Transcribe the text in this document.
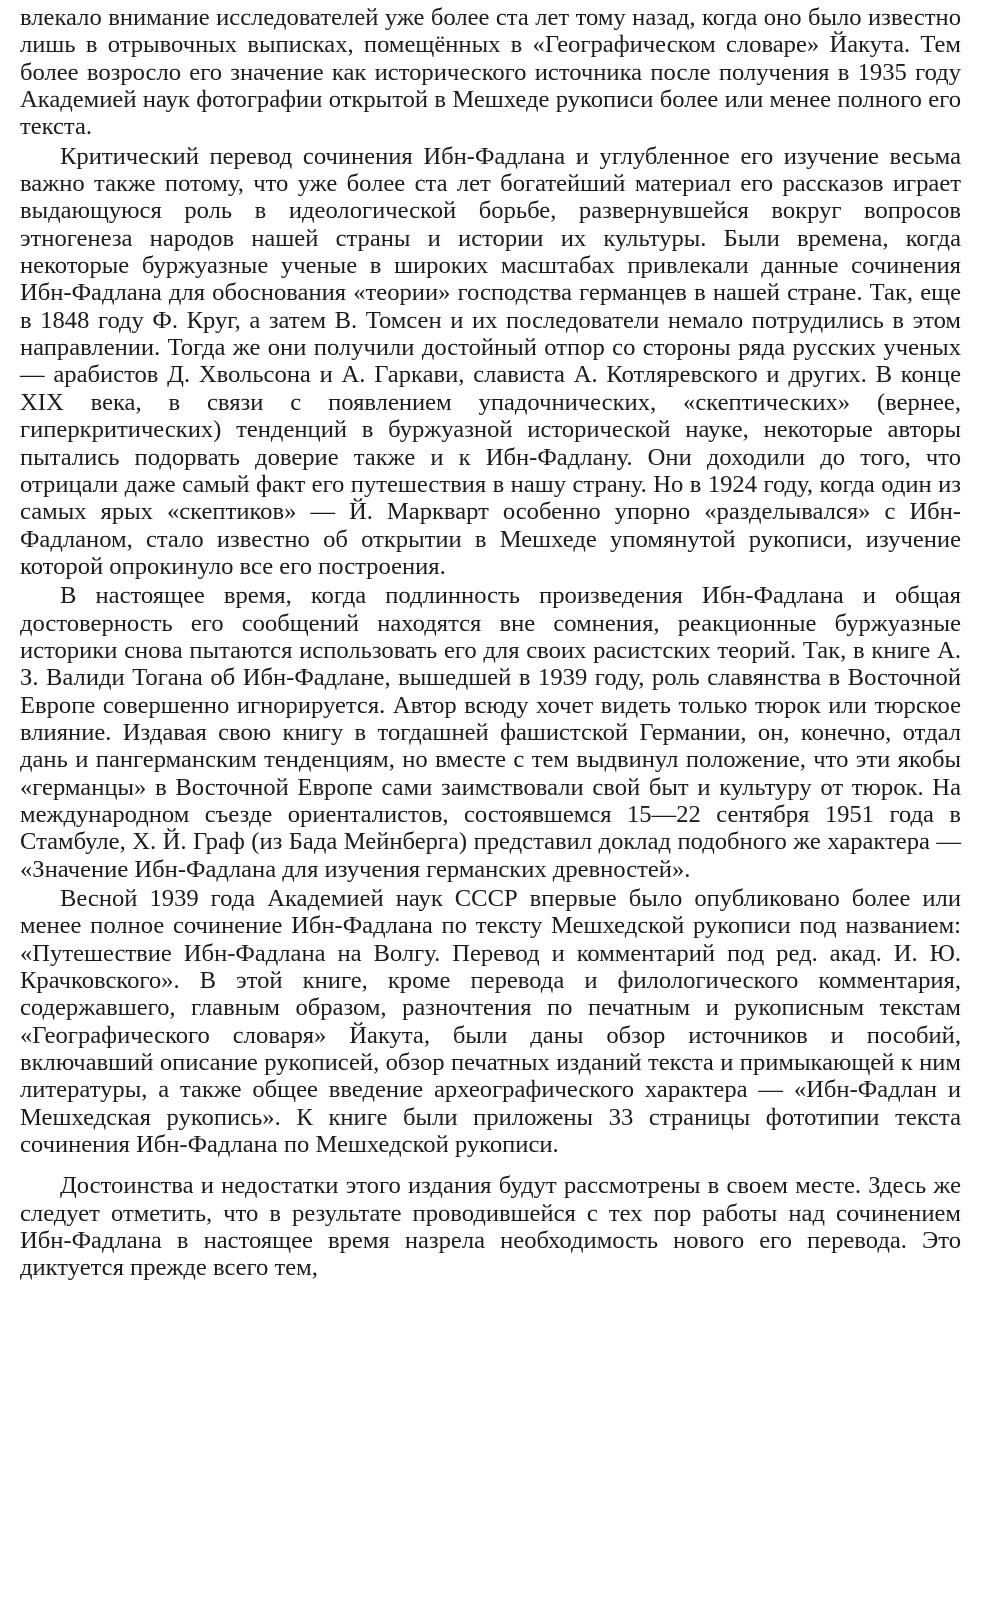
влекало внимание исследователей уже более ста лет тому назад, когда оно было известно лишь в отрывочных выписках, помещённых в «Географическом словаре» Йакута. Тем более возросло его значение как исторического источника после получения в 1935 году Академией наук фотографии открытой в Мешхеде рукописи более или менее полного его текста.

Критический перевод сочинения Ибн-Фадлана и углубленное его изучение весьма важно также потому, что уже более ста лет богатейший материал его рассказов играет выдающуюся роль в идеологической борьбе, развернувшейся вокруг вопросов этногенеза народов нашей страны и истории их культуры. Были времена, когда некоторые буржуазные ученые в широких масштабах привлекали данные сочинения Ибн-Фадлана для обоснования «теории» господства германцев в нашей стране. Так, еще в 1848 году Ф. Круг, а затем В. Томсен и их последователи немало потрудились в этом направлении. Тогда же они получили достойный отпор со стороны ряда русских ученых — арабистов Д. Хвольсона и А. Гаркави, слависта А. Котляревского и других. В конце XIX века, в связи с появлением упадочнических, «скептических» (вернее, гиперкритических) тенденций в буржуазной исторической науке, некоторые авторы пытались подорвать доверие также и к Ибн-Фадлану. Они доходили до того, что отрицали даже самый факт его путешествия в нашу страну. Но в 1924 году, когда один из самых ярых «скептиков» — Й. Маркварт особенно упорно «разделывался» с Ибн-Фадланом, стало известно об открытии в Мешхеде упомянутой рукописи, изучение которой опрокинуло все его построения.

В настоящее время, когда подлинность произведения Ибн-Фадлана и общая достоверность его сообщений находятся вне сомнения, реакционные буржуазные историки снова пытаются использовать его для своих расистских теорий. Так, в книге А. З. Валиди Тогана об Ибн-Фадлане, вышедшей в 1939 году, роль славянства в Восточной Европе совершенно игнорируется. Автор всюду хочет видеть только тюрок или тюрское влияние. Издавая свою книгу в тогдашней фашистской Германии, он, конечно, отдал дань и пангерманским тенденциям, но вместе с тем выдвинул положение, что эти якобы «германцы» в Восточной Европе сами заимствовали свой быт и культуру от тюрок. На международном съезде ориенталистов, состоявшемся 15—22 сентября 1951 года в Стамбуле, Х. Й. Граф (из Бада Мейнберга) представил доклад подобного же характера — «Значение Ибн-Фадлана для изучения германских древностей».

Весной 1939 года Академией наук СССР впервые было опубликовано более или менее полное сочинение Ибн-Фадлана по тексту Мешхедской рукописи под названием: «Путешествие Ибн-Фадлана на Волгу. Перевод и комментарий под ред. акад. И. Ю. Крачковского». В этой книге, кроме перевода и филологического комментария, содержавшего, главным образом, разночтения по печатным и рукописным текстам «Географического словаря» Йакута, были даны обзор источников и пособий, включавший описание рукописей, обзор печатных изданий текста и примыкающей к ним литературы, а также общее введение археографического характера — «Ибн-Фадлан и Мешхедская рукопись». К книге были приложены 33 страницы фототипии текста сочинения Ибн-Фадлана по Мешхедской рукописи.

Достоинства и недостатки этого издания будут рассмотрены в своем месте. Здесь же следует отметить, что в результате проводившейся с тех пор работы над сочинением Ибн-Фадлана в настоящее время назрела необходимость нового его перевода. Это диктуется прежде всего тем,
